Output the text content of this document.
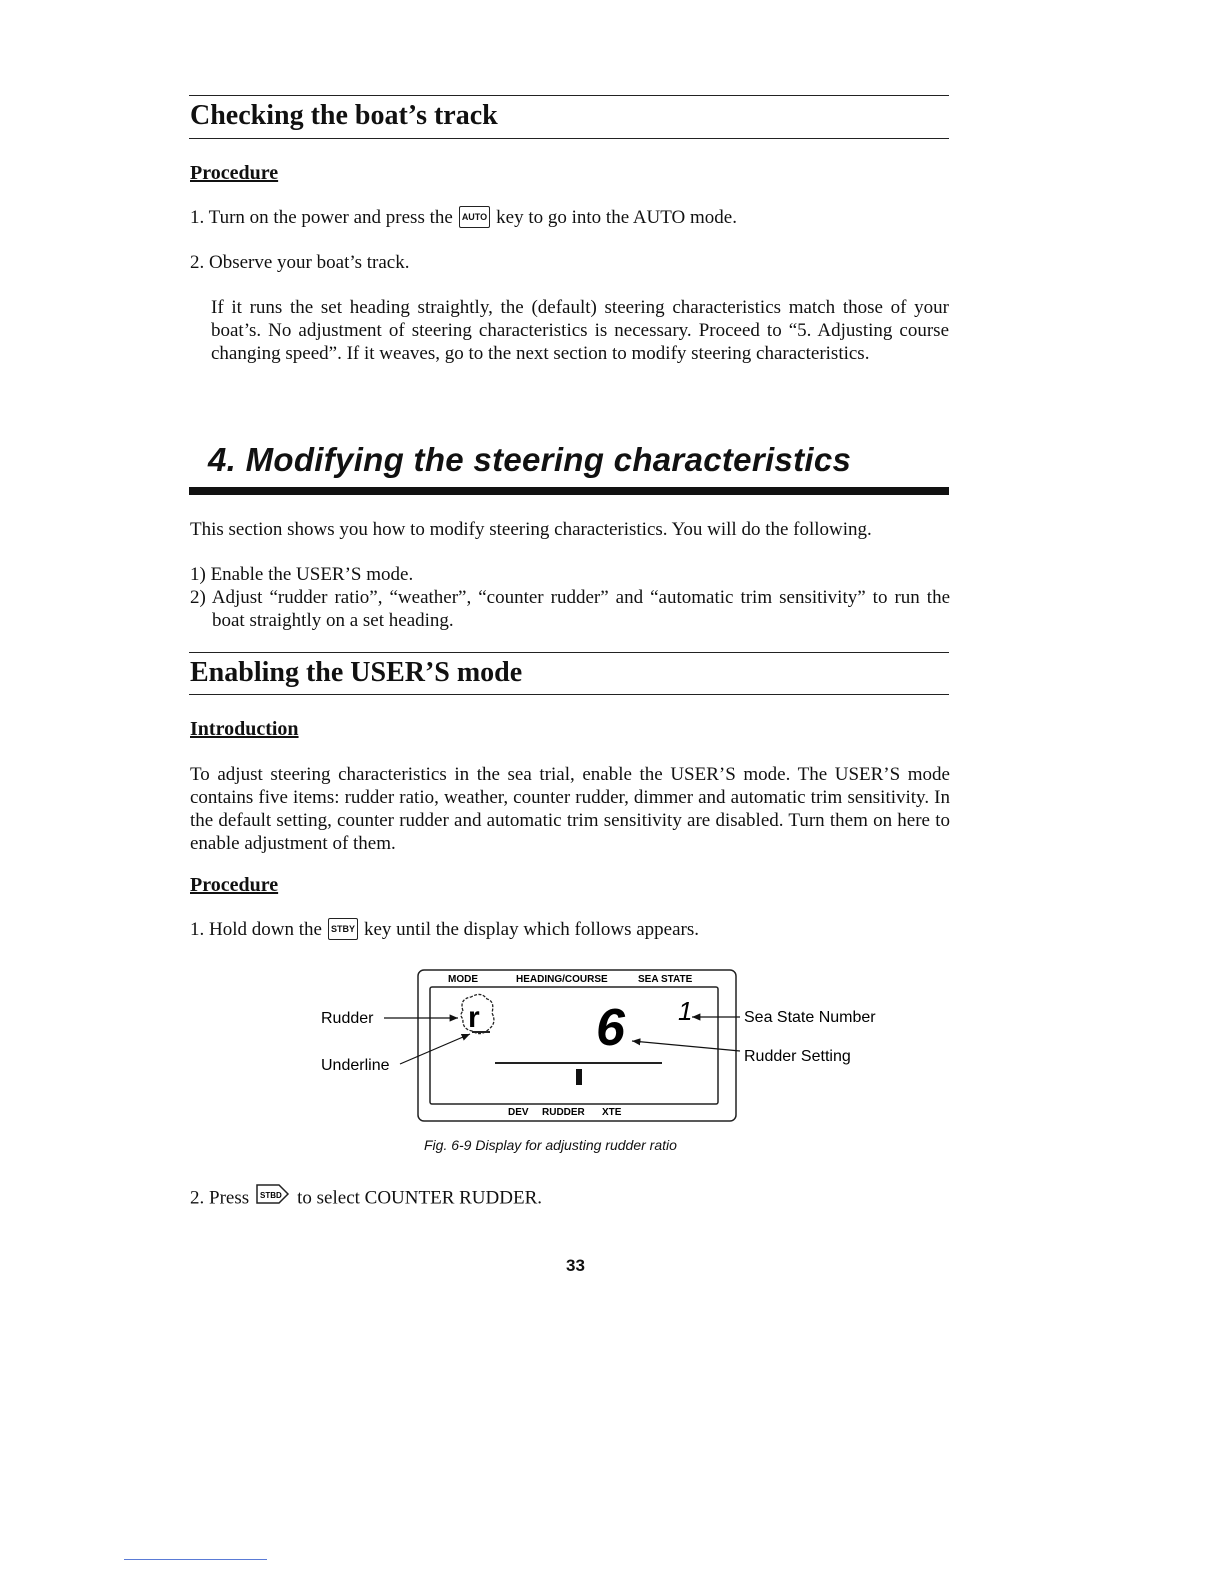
Checking the boat’s track
Procedure
1. Turn on the power and press the AUTO key to go into the AUTO mode.
2. Observe your boat’s track.

If it runs the set heading straightly, the (default) steering characteristics match those of your boat’s. No adjustment of steering characteristics is necessary. Proceed to “5. Adjusting course changing speed”. If it weaves, go to the next section to modify steering characteristics.

4. Modifying the steering characteristics

This section shows you how to modify steering characteristics. You will do the following.

1) Enable the USER’S mode.

2) Adjust “rudder ratio”, “weather”, “counter rudder” and “automatic trim sensitivity” to run the boat straightly on a set heading.

Enabling the USER’S mode
Introduction

To adjust steering characteristics in the sea trial, enable the USER’S mode. The USER’S mode contains five items: rudder ratio, weather, counter rudder, dimmer and automatic trim sensitivity. In the default setting, counter rudder and automatic trim sensitivity are disabled. Turn them on here to enable adjustment of them.

Procedure
1. Hold down the STBY key until the display which follows appears.
MODE	HEADING/COURSE	SEA STATE
DEV RUDDER XTE
r 6 1
Rudder
Underline
Sea State Number
Rudder Setting
Fig. 6-9 Display for adjusting rudder ratio
2. Press STBD to select COUNTER RUDDER.
33
